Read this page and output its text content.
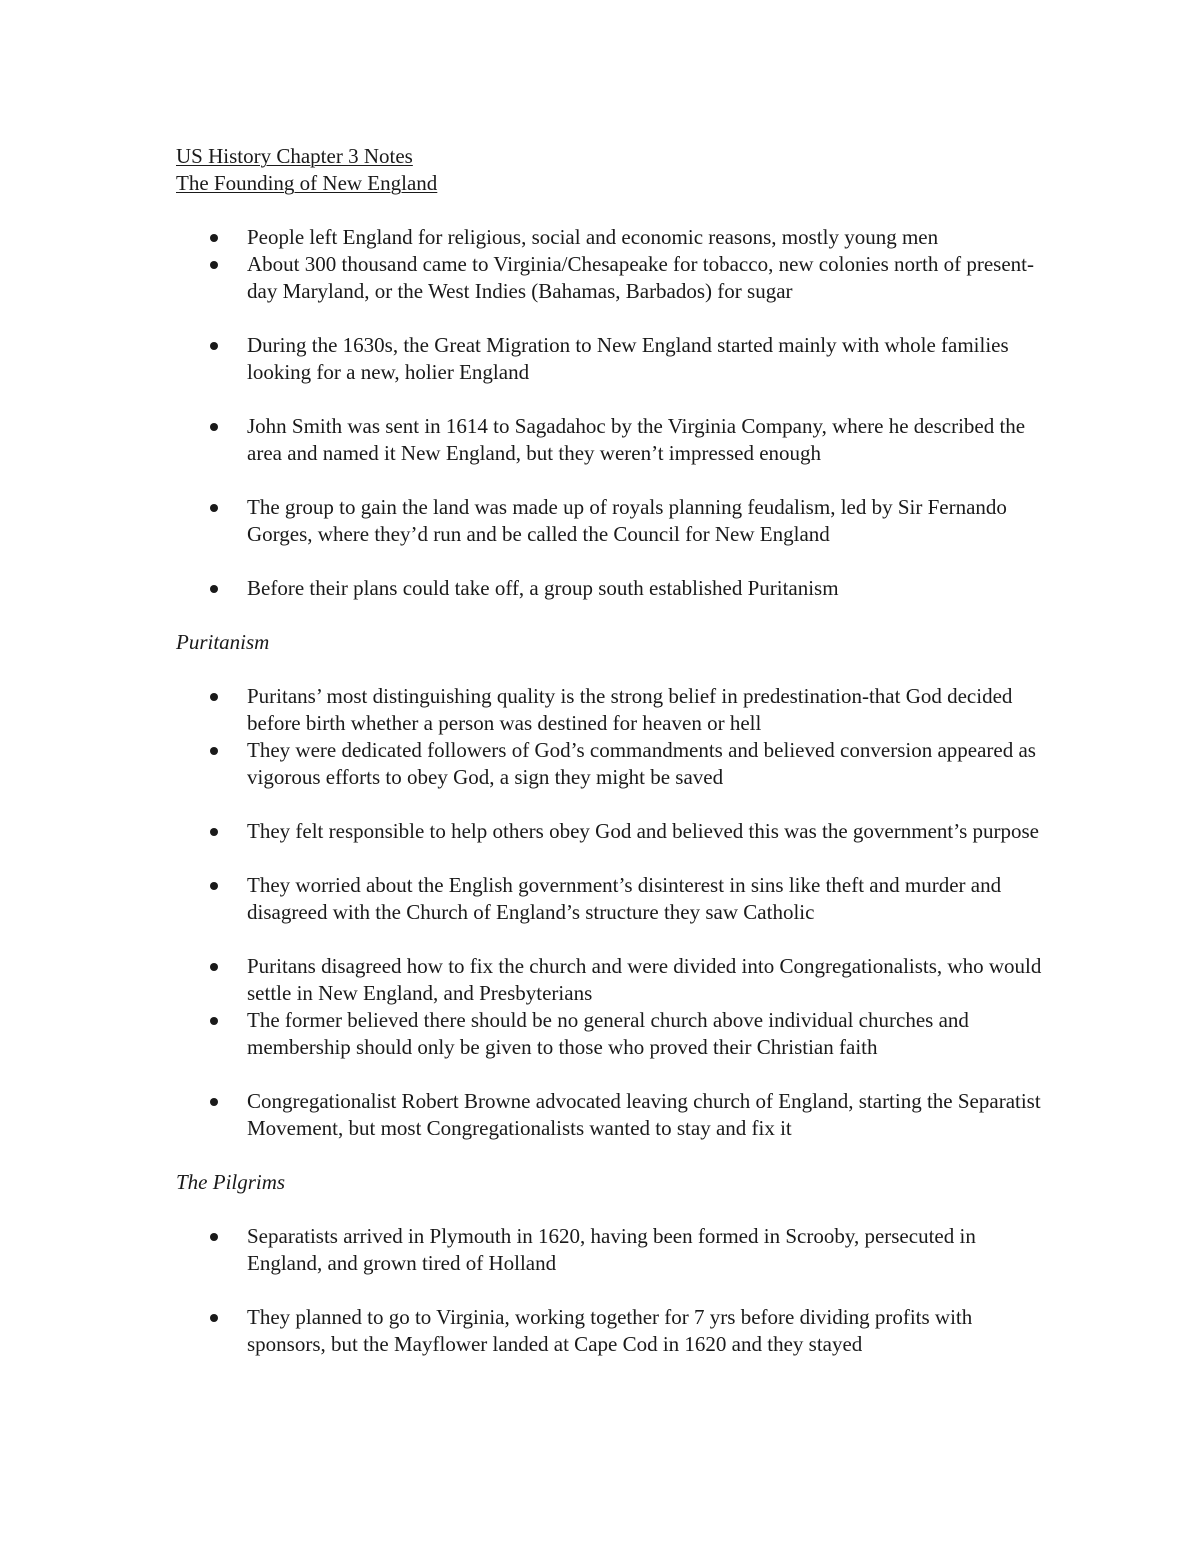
US History Chapter 3 Notes
The Founding of New England
People left England for religious, social and economic reasons, mostly young men
About 300 thousand came to Virginia/Chesapeake for tobacco, new colonies north of present-day Maryland, or the West Indies (Bahamas, Barbados) for sugar
During the 1630s, the Great Migration to New England started mainly with whole families looking for a new, holier England
John Smith was sent in 1614 to Sagadahoc by the Virginia Company, where he described the area and named it New England, but they weren’t impressed enough
The group to gain the land was made up of royals planning feudalism, led by Sir Fernando Gorges, where they’d run and be called the Council for New England
Before their plans could take off, a group south established Puritanism
Puritanism
Puritans’ most distinguishing quality is the strong belief in predestination-that God decided before birth whether a person was destined for heaven or hell
They were dedicated followers of God’s commandments and believed conversion appeared as vigorous efforts to obey God, a sign they might be saved
They felt responsible to help others obey God and believed this was the government’s purpose
They worried about the English government’s disinterest in sins like theft and murder and disagreed with the Church of England’s structure they saw Catholic
Puritans disagreed how to fix the church and were divided into Congregationalists, who would settle in New England, and Presbyterians
The former believed there should be no general church above individual churches and membership should only be given to those who proved their Christian faith
Congregationalist Robert Browne advocated leaving church of England, starting the Separatist Movement, but most Congregationalists wanted to stay and fix it
The Pilgrims
Separatists arrived in Plymouth in 1620, having been formed in Scrooby, persecuted in England, and grown tired of Holland
They planned to go to Virginia, working together for 7 yrs before dividing profits with sponsors, but the Mayflower landed at Cape Cod in 1620 and they stayed
